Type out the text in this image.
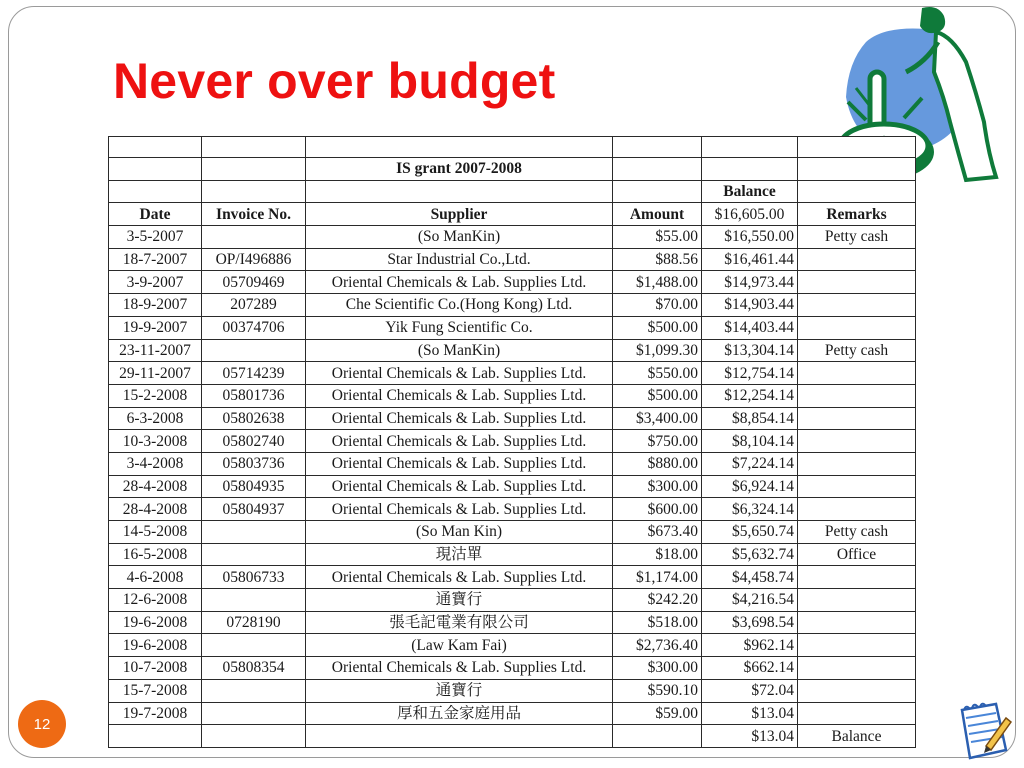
Never over budget

		IS grant 2007-2008			
				Balance	
Date	Invoice No.	Supplier	Amount	$16,605.00	Remarks
3-5-2007		(So ManKin)	$55.00	$16,550.00	Petty cash
18-7-2007	OP/I496886	Star Industrial Co.,Ltd.	$88.56	$16,461.44	
3-9-2007	05709469	Oriental Chemicals & Lab. Supplies Ltd.	$1,488.00	$14,973.44	
18-9-2007	207289	Che Scientific Co.(Hong Kong) Ltd.	$70.00	$14,903.44	
19-9-2007	00374706	Yik Fung Scientific Co.	$500.00	$14,403.44	
23-11-2007		(So ManKin)	$1,099.30	$13,304.14	Petty cash
29-11-2007	05714239	Oriental Chemicals & Lab. Supplies Ltd.	$550.00	$12,754.14	
15-2-2008	05801736	Oriental Chemicals & Lab. Supplies Ltd.	$500.00	$12,254.14	
6-3-2008	05802638	Oriental Chemicals & Lab. Supplies Ltd.	$3,400.00	$8,854.14	
10-3-2008	05802740	Oriental Chemicals & Lab. Supplies Ltd.	$750.00	$8,104.14	
3-4-2008	05803736	Oriental Chemicals & Lab. Supplies Ltd.	$880.00	$7,224.14	
28-4-2008	05804935	Oriental Chemicals & Lab. Supplies Ltd.	$300.00	$6,924.14	
28-4-2008	05804937	Oriental Chemicals & Lab. Supplies Ltd.	$600.00	$6,324.14	
14-5-2008		(So Man Kin)	$673.40	$5,650.74	Petty cash
16-5-2008		現沽單	$18.00	$5,632.74	Office
4-6-2008	05806733	Oriental Chemicals & Lab. Supplies Ltd.	$1,174.00	$4,458.74	
12-6-2008		通寶行	$242.20	$4,216.54	
19-6-2008	0728190	張毛記電業有限公司	$518.00	$3,698.54	
19-6-2008		(Law Kam Fai)	$2,736.40	$962.14	
10-7-2008	05808354	Oriental Chemicals & Lab. Supplies Ltd.	$300.00	$662.14	
15-7-2008		通寶行	$590.10	$72.04	
19-7-2008		厚和五金家庭用品	$59.00	$13.04	
				$13.04	Balance
12
